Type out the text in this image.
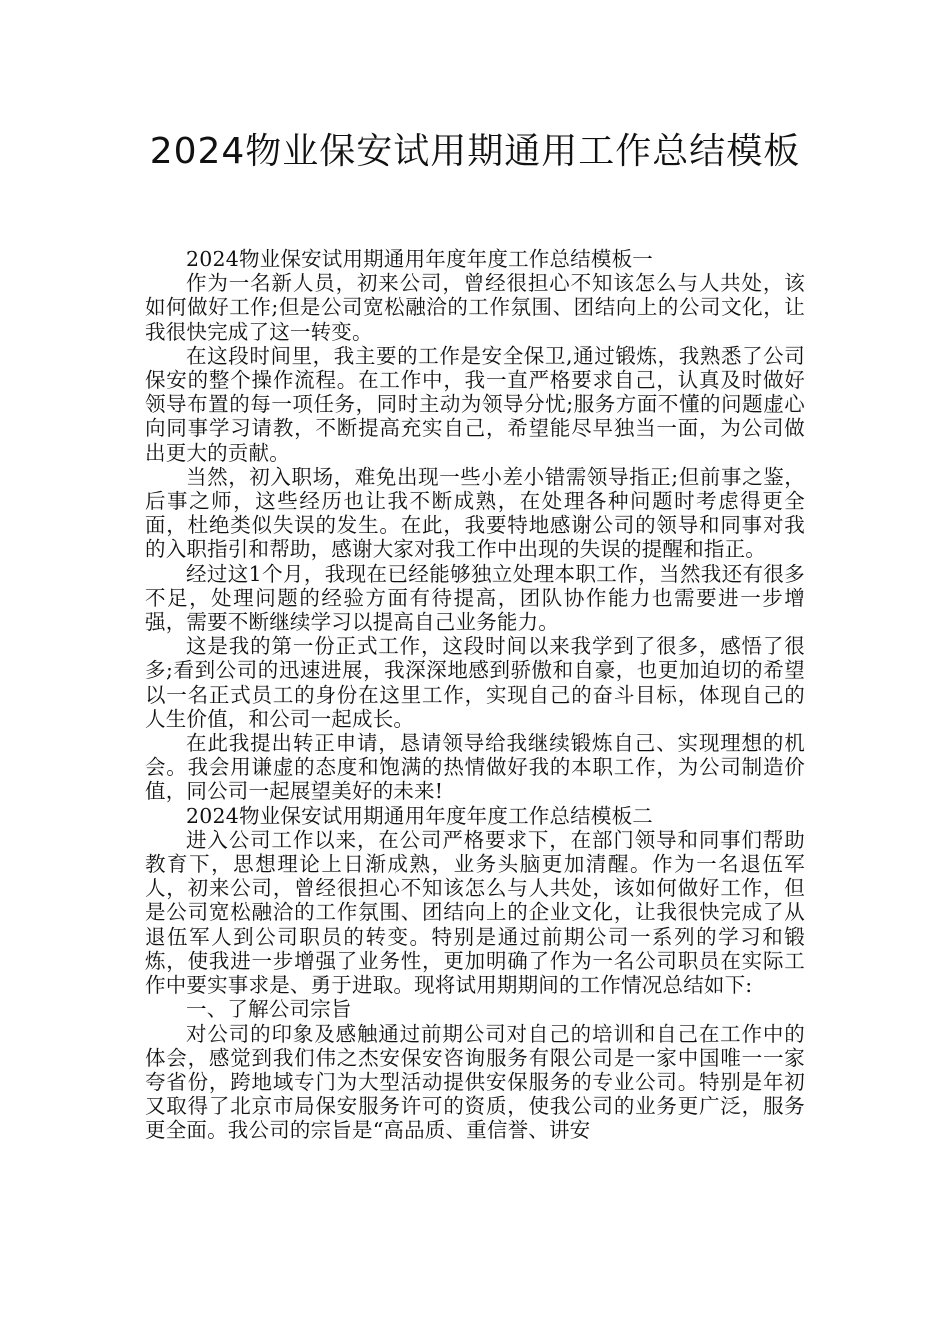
2024物业保安试用期通用工作总结模板

2024物业保安试用期通用年度年度工作总结模板一

作为一名新人员，初来公司，曾经很担心不知该怎么与人共处，该如何做好工作;但是公司宽松融洽的工作氛围、团结向上的公司文化，让我很快完成了这一转变。

在这段时间里，我主要的工作是安全保卫,通过锻炼，我熟悉了公司保安的整个操作流程。在工作中，我一直严格要求自己，认真及时做好领导布置的每一项任务，同时主动为领导分忧;服务方面不懂的问题虚心向同事学习请教，不断提高充实自己，希望能尽早独当一面，为公司做出更大的贡献。

当然，初入职场，难免出现一些小差小错需领导指正;但前事之鉴，后事之师，这些经历也让我不断成熟，在处理各种问题时考虑得更全面，杜绝类似失误的发生。在此，我要特地感谢公司的领导和同事对我的入职指引和帮助，感谢大家对我工作中出现的失误的提醒和指正。

经过这1个月，我现在已经能够独立处理本职工作，当然我还有很多不足，处理问题的经验方面有待提高，团队协作能力也需要进一步增强，需要不断继续学习以提高自己业务能力。

这是我的第一份正式工作，这段时间以来我学到了很多，感悟了很多;看到公司的迅速进展，我深深地感到骄傲和自豪，也更加迫切的希望以一名正式员工的身份在这里工作，实现自己的奋斗目标，体现自己的人生价值，和公司一起成长。

在此我提出转正申请，恳请领导给我继续锻炼自己、实现理想的机会。我会用谦虚的态度和饱满的热情做好我的本职工作，为公司制造价值，同公司一起展望美好的未来!

2024物业保安试用期通用年度年度工作总结模板二

进入公司工作以来，在公司严格要求下，在部门领导和同事们帮助教育下，思想理论上日渐成熟，业务头脑更加清醒。作为一名退伍军人，初来公司，曾经很担心不知该怎么与人共处，该如何做好工作，但是公司宽松融洽的工作氛围、团结向上的企业文化，让我很快完成了从退伍军人到公司职员的转变。特别是通过前期公司一系列的学习和锻炼，使我进一步增强了业务性，更加明确了作为一名公司职员在实际工作中要实事求是、勇于进取。现将试用期期间的工作情况总结如下:

一、了解公司宗旨

对公司的印象及感触通过前期公司对自己的培训和自己在工作中的体会，感觉到我们伟之杰安保安咨询服务有限公司是一家中国唯一一家夸省份，跨地域专门为大型活动提供安保服务的专业公司。特别是年初又取得了北京市局保安服务许可的资质，使我公司的业务更广泛，服务更全面。我公司的宗旨是“高品质、重信誉、讲安
